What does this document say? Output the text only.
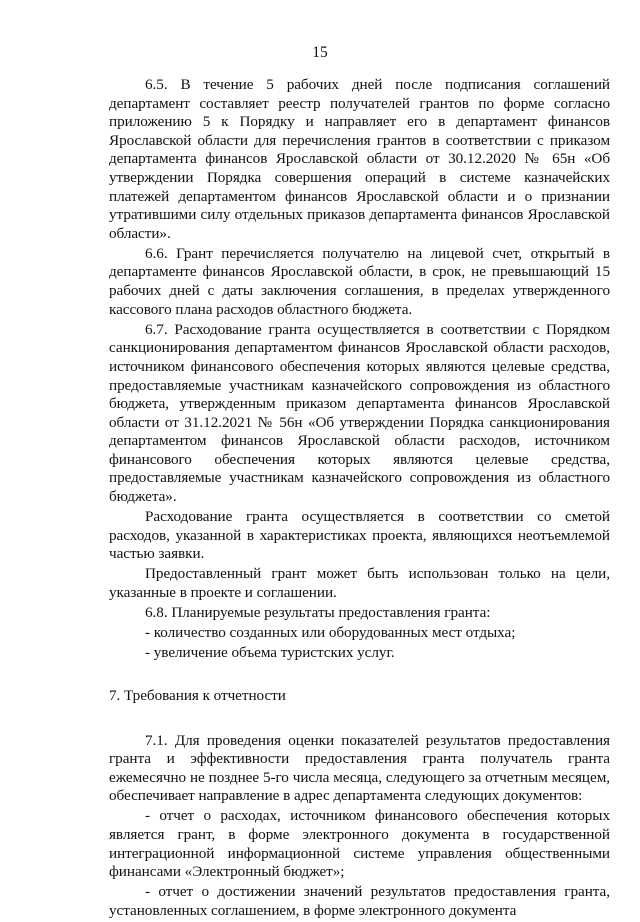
15

6.5. В течение 5 рабочих дней после подписания соглашений департамент составляет реестр получателей грантов по форме согласно приложению 5 к Порядку и направляет его в департамент финансов Ярославской области для перечисления грантов в соответствии с приказом департамента финансов Ярославской области от 30.12.2020 № 65н «Об утверждении Порядка совершения операций в системе казначейских платежей департаментом финансов Ярославской области и о признании утратившими силу отдельных приказов департамента финансов Ярославской области».

6.6. Грант перечисляется получателю на лицевой счет, открытый в департаменте финансов Ярославской области, в срок, не превышающий 15 рабочих дней с даты заключения соглашения, в пределах утвержденного кассового плана расходов областного бюджета.

6.7. Расходование гранта осуществляется в соответствии с Порядком санкционирования департаментом финансов Ярославской области расходов, источником финансового обеспечения которых являются целевые средства, предоставляемые участникам казначейского сопровождения из областного бюджета, утвержденным приказом департамента финансов Ярославской области от 31.12.2021 № 56н «Об утверждении Порядка санкционирования департаментом финансов Ярославской области расходов, источником финансового обеспечения которых являются целевые средства, предоставляемые участникам казначейского сопровождения из областного бюджета».

Расходование гранта осуществляется в соответствии со сметой расходов, указанной в характеристиках проекта, являющихся неотъемлемой частью заявки.

Предоставленный грант может быть использован только на цели, указанные в проекте и соглашении.

6.8. Планируемые результаты предоставления гранта:

- количество созданных или оборудованных мест отдыха;

- увеличение объема туристских услуг.

7. Требования к отчетности

7.1. Для проведения оценки показателей результатов предоставления гранта и эффективности предоставления гранта получатель гранта ежемесячно не позднее 5-го числа месяца, следующего за отчетным месяцем, обеспечивает направление в адрес департамента следующих документов:

- отчет о расходах, источником финансового обеспечения которых является грант, в форме электронного документа в государственной интеграционной информационной системе управления общественными финансами «Электронный бюджет»;

- отчет о достижении значений результатов предоставления гранта, установленных соглашением, в форме электронного документа
